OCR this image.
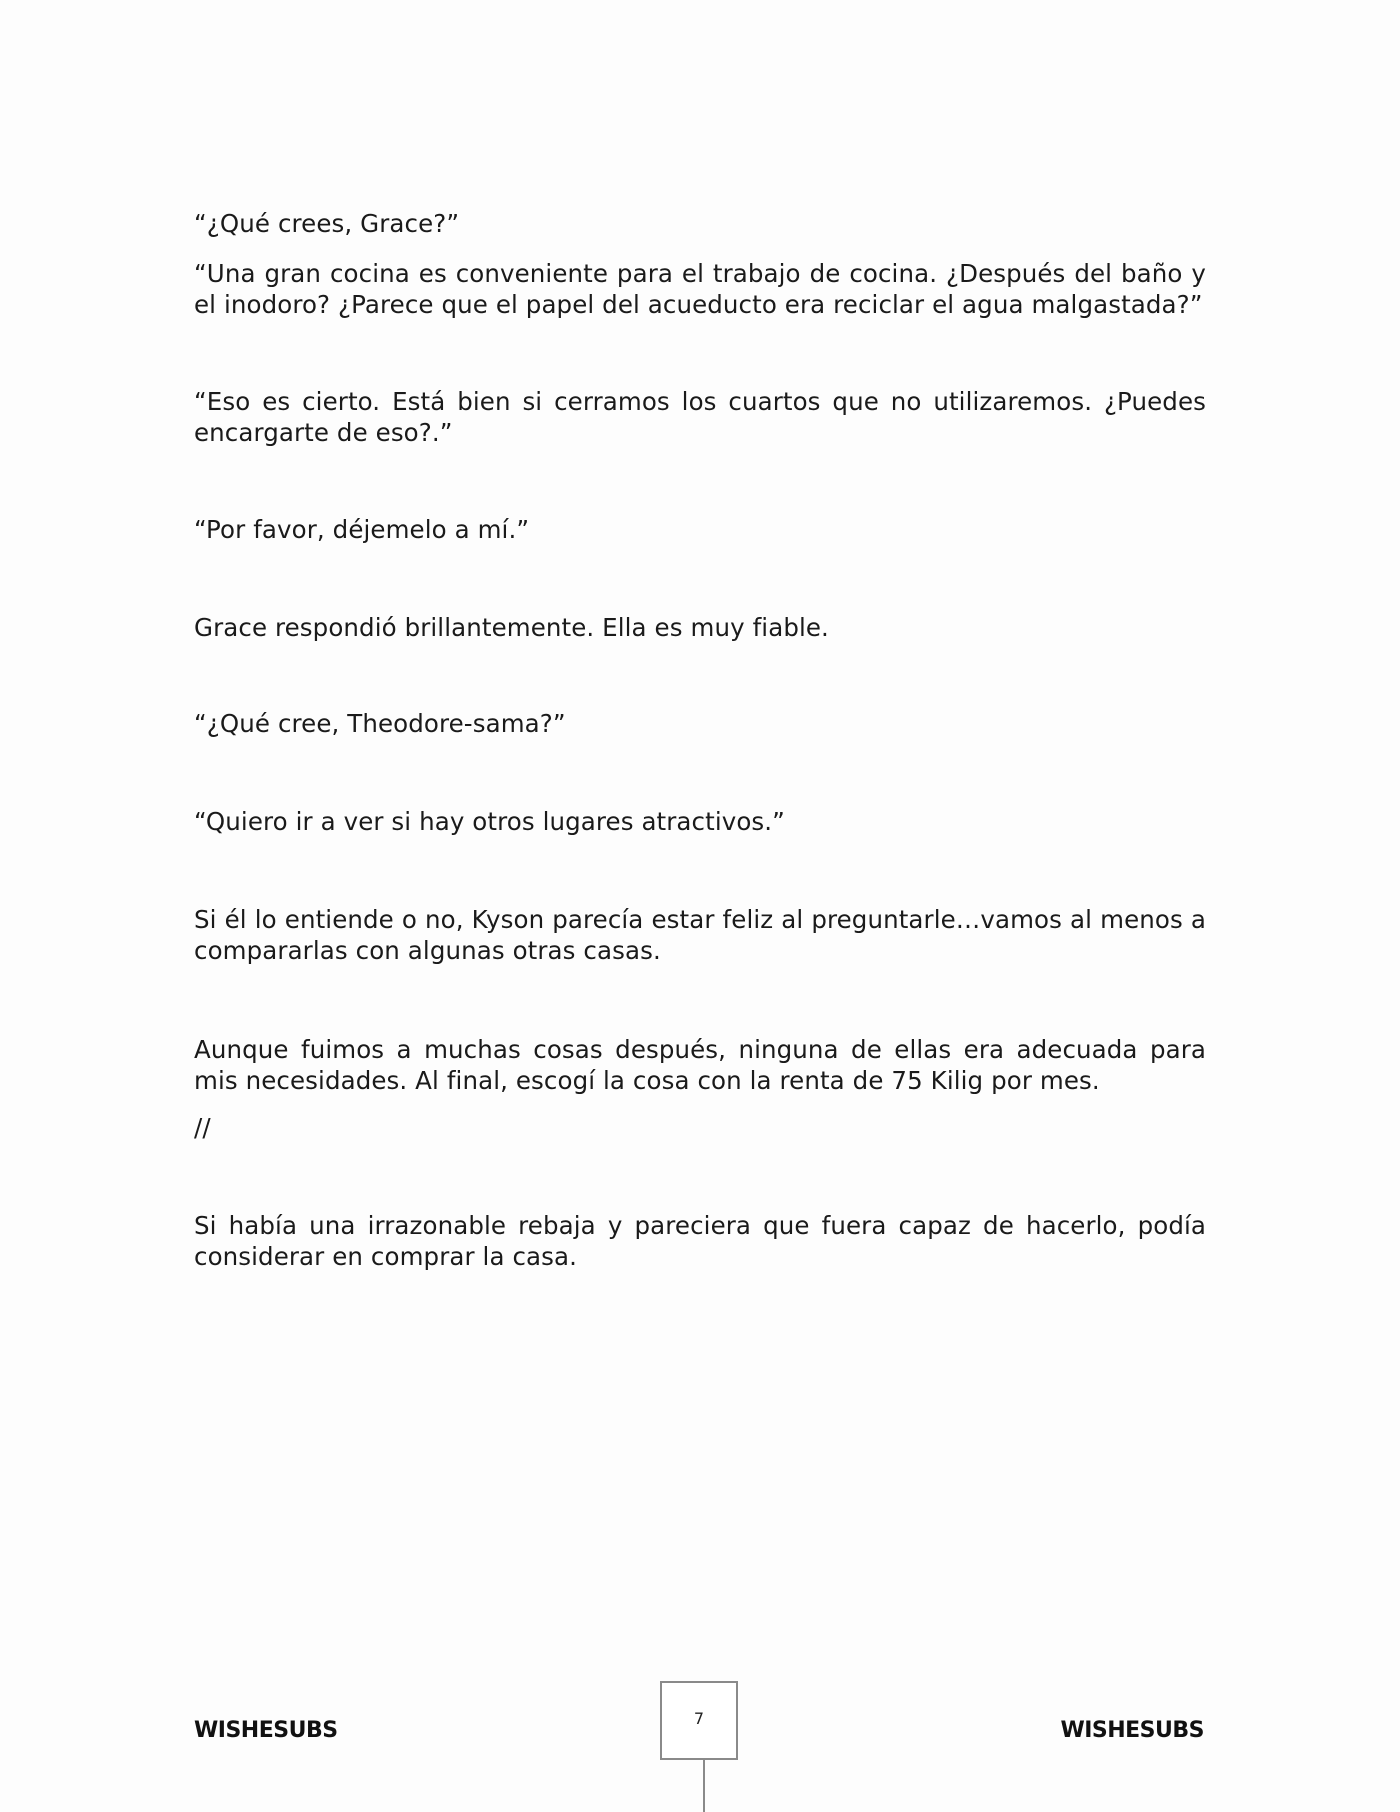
“¿Qué crees, Grace?”
“Una gran cocina es conveniente para el trabajo de cocina. ¿Después del baño y el inodoro? ¿Parece que el papel del acueducto era reciclar el agua malgastada?”
“Eso es cierto. Está bien si cerramos los cuartos que no utilizaremos. ¿Puedes encargarte de eso?.”
“Por favor, déjemelo a mí.”
Grace respondió brillantemente. Ella es muy fiable.
“¿Qué cree, Theodore-sama?”
“Quiero ir a ver si hay otros lugares atractivos.”
Si él lo entiende o no, Kyson parecía estar feliz al preguntarle…vamos al menos a compararlas con algunas otras casas.
Aunque fuimos a muchas cosas después, ninguna de ellas era adecuada para mis necesidades. Al final, escogí la cosa con la renta de 75 Kilig por mes.
//
Si había una irrazonable rebaja y pareciera que fuera capaz de hacerlo, podía considerar en comprar la casa.
WISHESUBS	WISHESUBS
7
